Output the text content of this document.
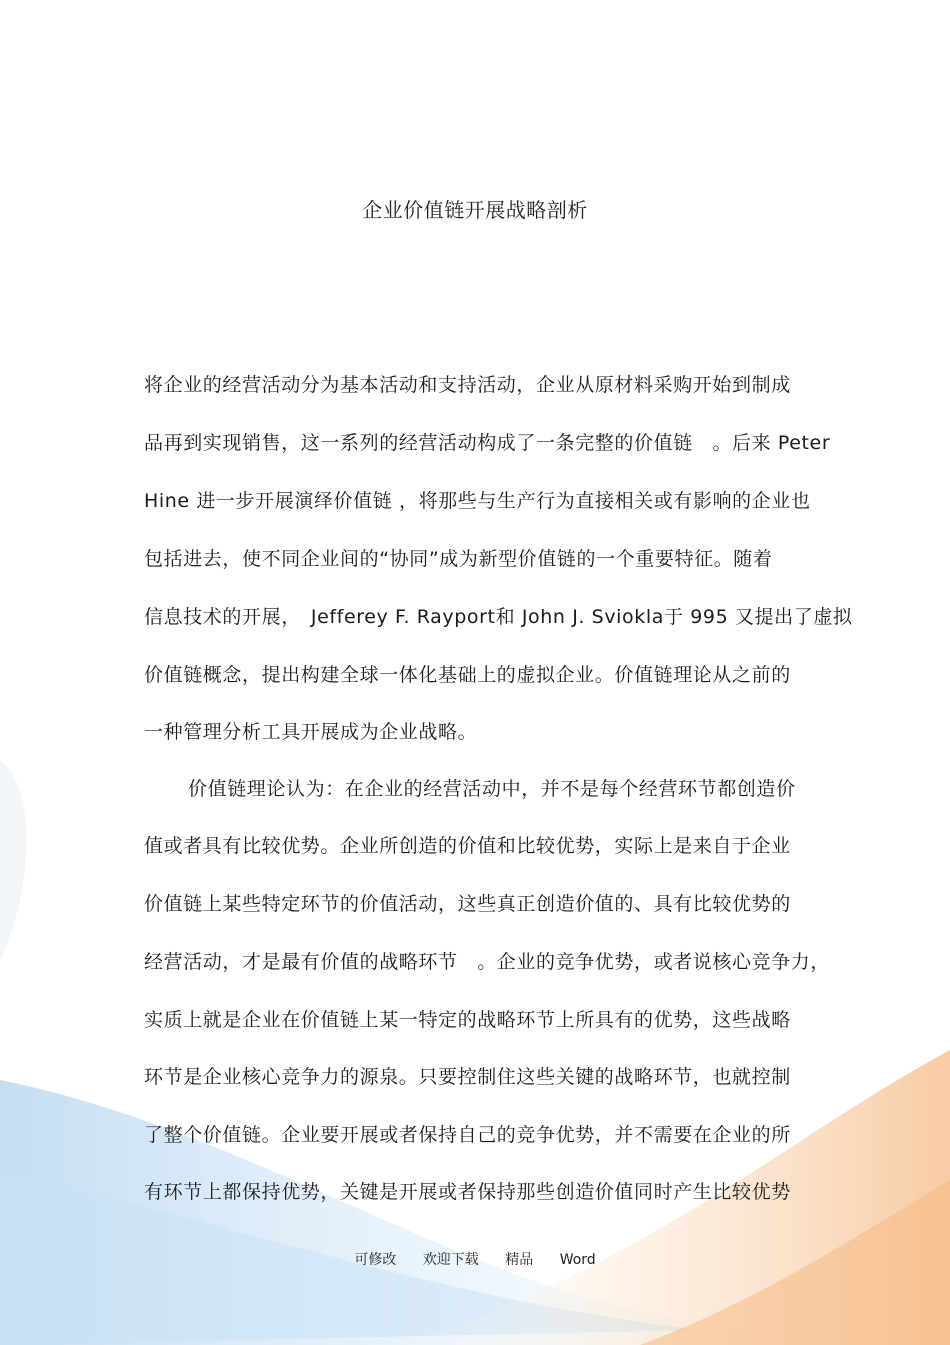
企业价值链开展战略剖析
将企业的经营活动分为基本活动和支持活动，企业从原材料采购开始到制成
品再到实现销售，这一系列的经营活动构成了一条完整的价值链　。后来 Peter
Hine 进一步开展演绎价值链 ，将那些与生产行为直接相关或有影响的企业也
包括进去，使不同企业间的“协同”成为新型价值链的一个重要特征。随着
信息技术的开展，　Jefferey F. Rayport和 John J. Sviokla于 995 又提出了虚拟
价值链概念，提出构建全球一体化基础上的虚拟企业。价值链理论从之前的
一种管理分析工具开展成为企业战略。
价值链理论认为：在企业的经营活动中，并不是每个经营环节都创造价
值或者具有比较优势。企业所创造的价值和比较优势，实际上是来自于企业
价值链上某些特定环节的价值活动，这些真正创造价值的、具有比较优势的
经营活动，才是最有价值的战略环节　。企业的竞争优势，或者说核心竞争力，
实质上就是企业在价值链上某一特定的战略环节上所具有的优势，这些战略
环节是企业核心竞争力的源泉。只要控制住这些关键的战略环节，也就控制
了整个价值链。企业要开展或者保持自己的竞争优势，并不需要在企业的所
有环节上都保持优势，关键是开展或者保持那些创造价值同时产生比较优势
可修改 欢迎下载 精品 Word
